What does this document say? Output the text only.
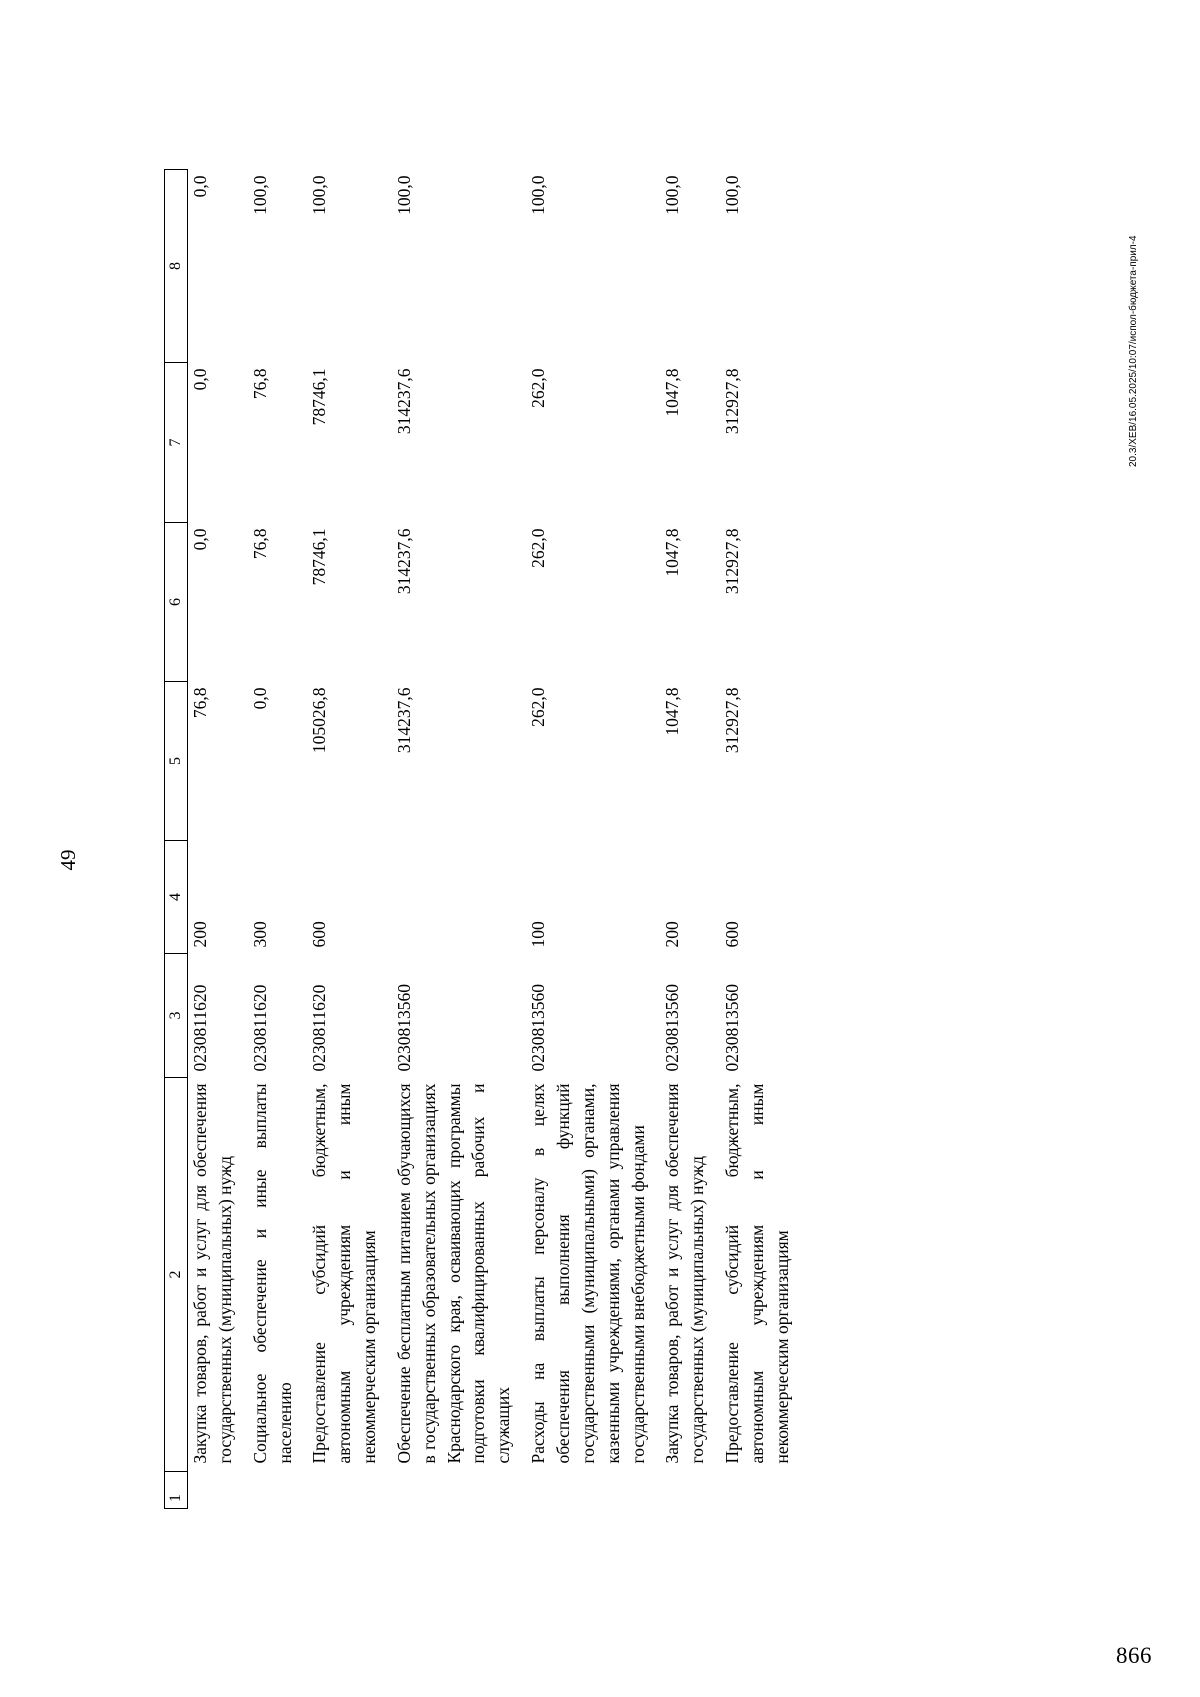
49
1	2	3	4	5	6	7	8
	Закупка товаров, работ и услуг для обеспечения государственных (муниципальных) нужд	0230811620	200	76,8	0,0	0,0	0,0
	Социальное обеспечение и иные выплаты населению	0230811620	300	0,0	76,8	76,8	100,0
	Предоставление субсидий бюджетным, автономным учреждениям и иным некоммерческим организациям	0230811620	600	105026,8	78746,1	78746,1	100,0
	Обеспечение бесплатным питанием обучающихся в государственных образовательных организациях Краснодарского края, осваивающих программы подготовки квалифицированных рабочих и служащих	0230813560		314237,6	314237,6	314237,6	100,0
	Расходы на выплаты персоналу в целях обеспечения выполнения функций государственными (муниципальными) органами, казенными учреждениями, органами управления государственными внебюджетными фондами	0230813560	100	262,0	262,0	262,0	100,0
	Закупка товаров, работ и услуг для обеспечения государственных (муниципальных) нужд	0230813560	200	1047,8	1047,8	1047,8	100,0
	Предоставление субсидий бюджетным, автономным учреждениям и иным некоммерческим организациям	0230813560	600	312927,8	312927,8	312927,8	100,0
20.3/XEB/16.05.2025/10:07/испол-бюджета-прил-4
866
